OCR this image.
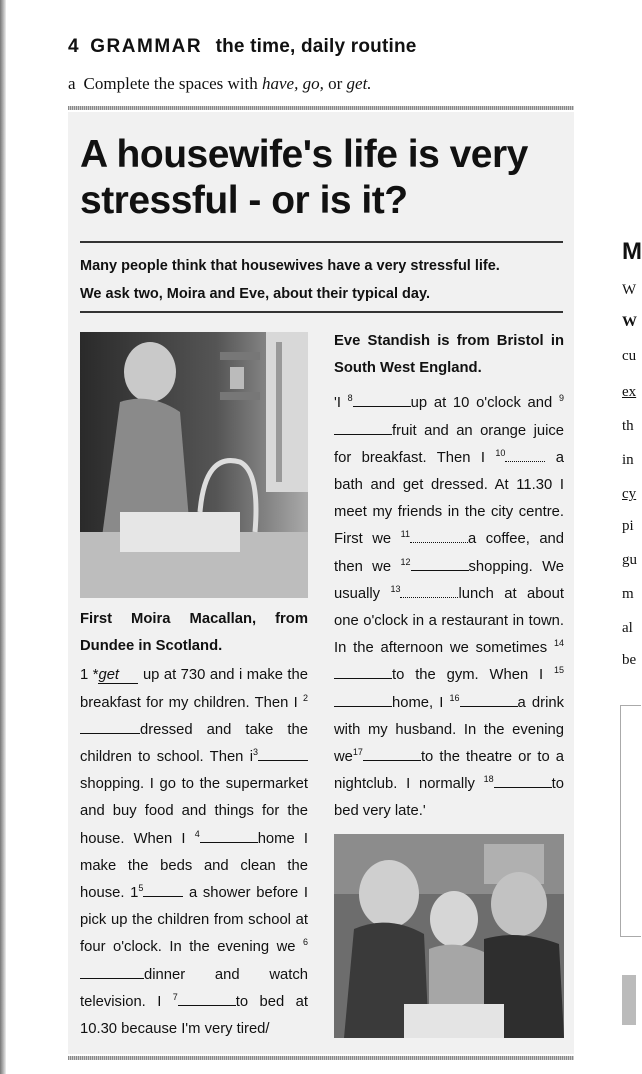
4 GRAMMAR the time, daily routine
a Complete the spaces with have, go, or get.
A housewife's life is very
stressful - or is it?
Many people think that housewives have a very stressful life.
We ask two, Moira and Eve, about their typical day.
First Moira Macallan, from Dundee in Scotland.
1 *get up at 730 and i make the breakfast for my children. Then I $^2$dressed and take the children to school. Then $i^3$ shopping. I go to the supermarket and buy food and things for the house. When I $^4$	home I make the beds and clean the house. $1^5$	a shower before I pick up the children from school at four o'clock. In the evening we $^6$dinner and watch television. I $^7$	to bed at 10.30 because I'm very tired/
Eve Standish is from Bristol in South West England.
'I $^8$	up at 10 o'clock and $^9$fruit and an orange juice for breakfast. Then I $^{10}$	a bath and get dressed. At 11.30 I meet my friends in the city centre. First we $^{11}$	a coffee, and then we $^{12}$	shopping. We usually $^{13}$	lunch at about one o'clock in a restaurant in town. In the afternoon we sometimes $^{14}$to the gym. When I $^{15}$home, I $^{16}$	a drink with my husband. In the evening $we^{17}$	to the theatre or to a nightclub. I normally $^{18}$	to bed very late.'
M
W
W
cu
ex
th
in
cy
pi
gu
m
al
be
